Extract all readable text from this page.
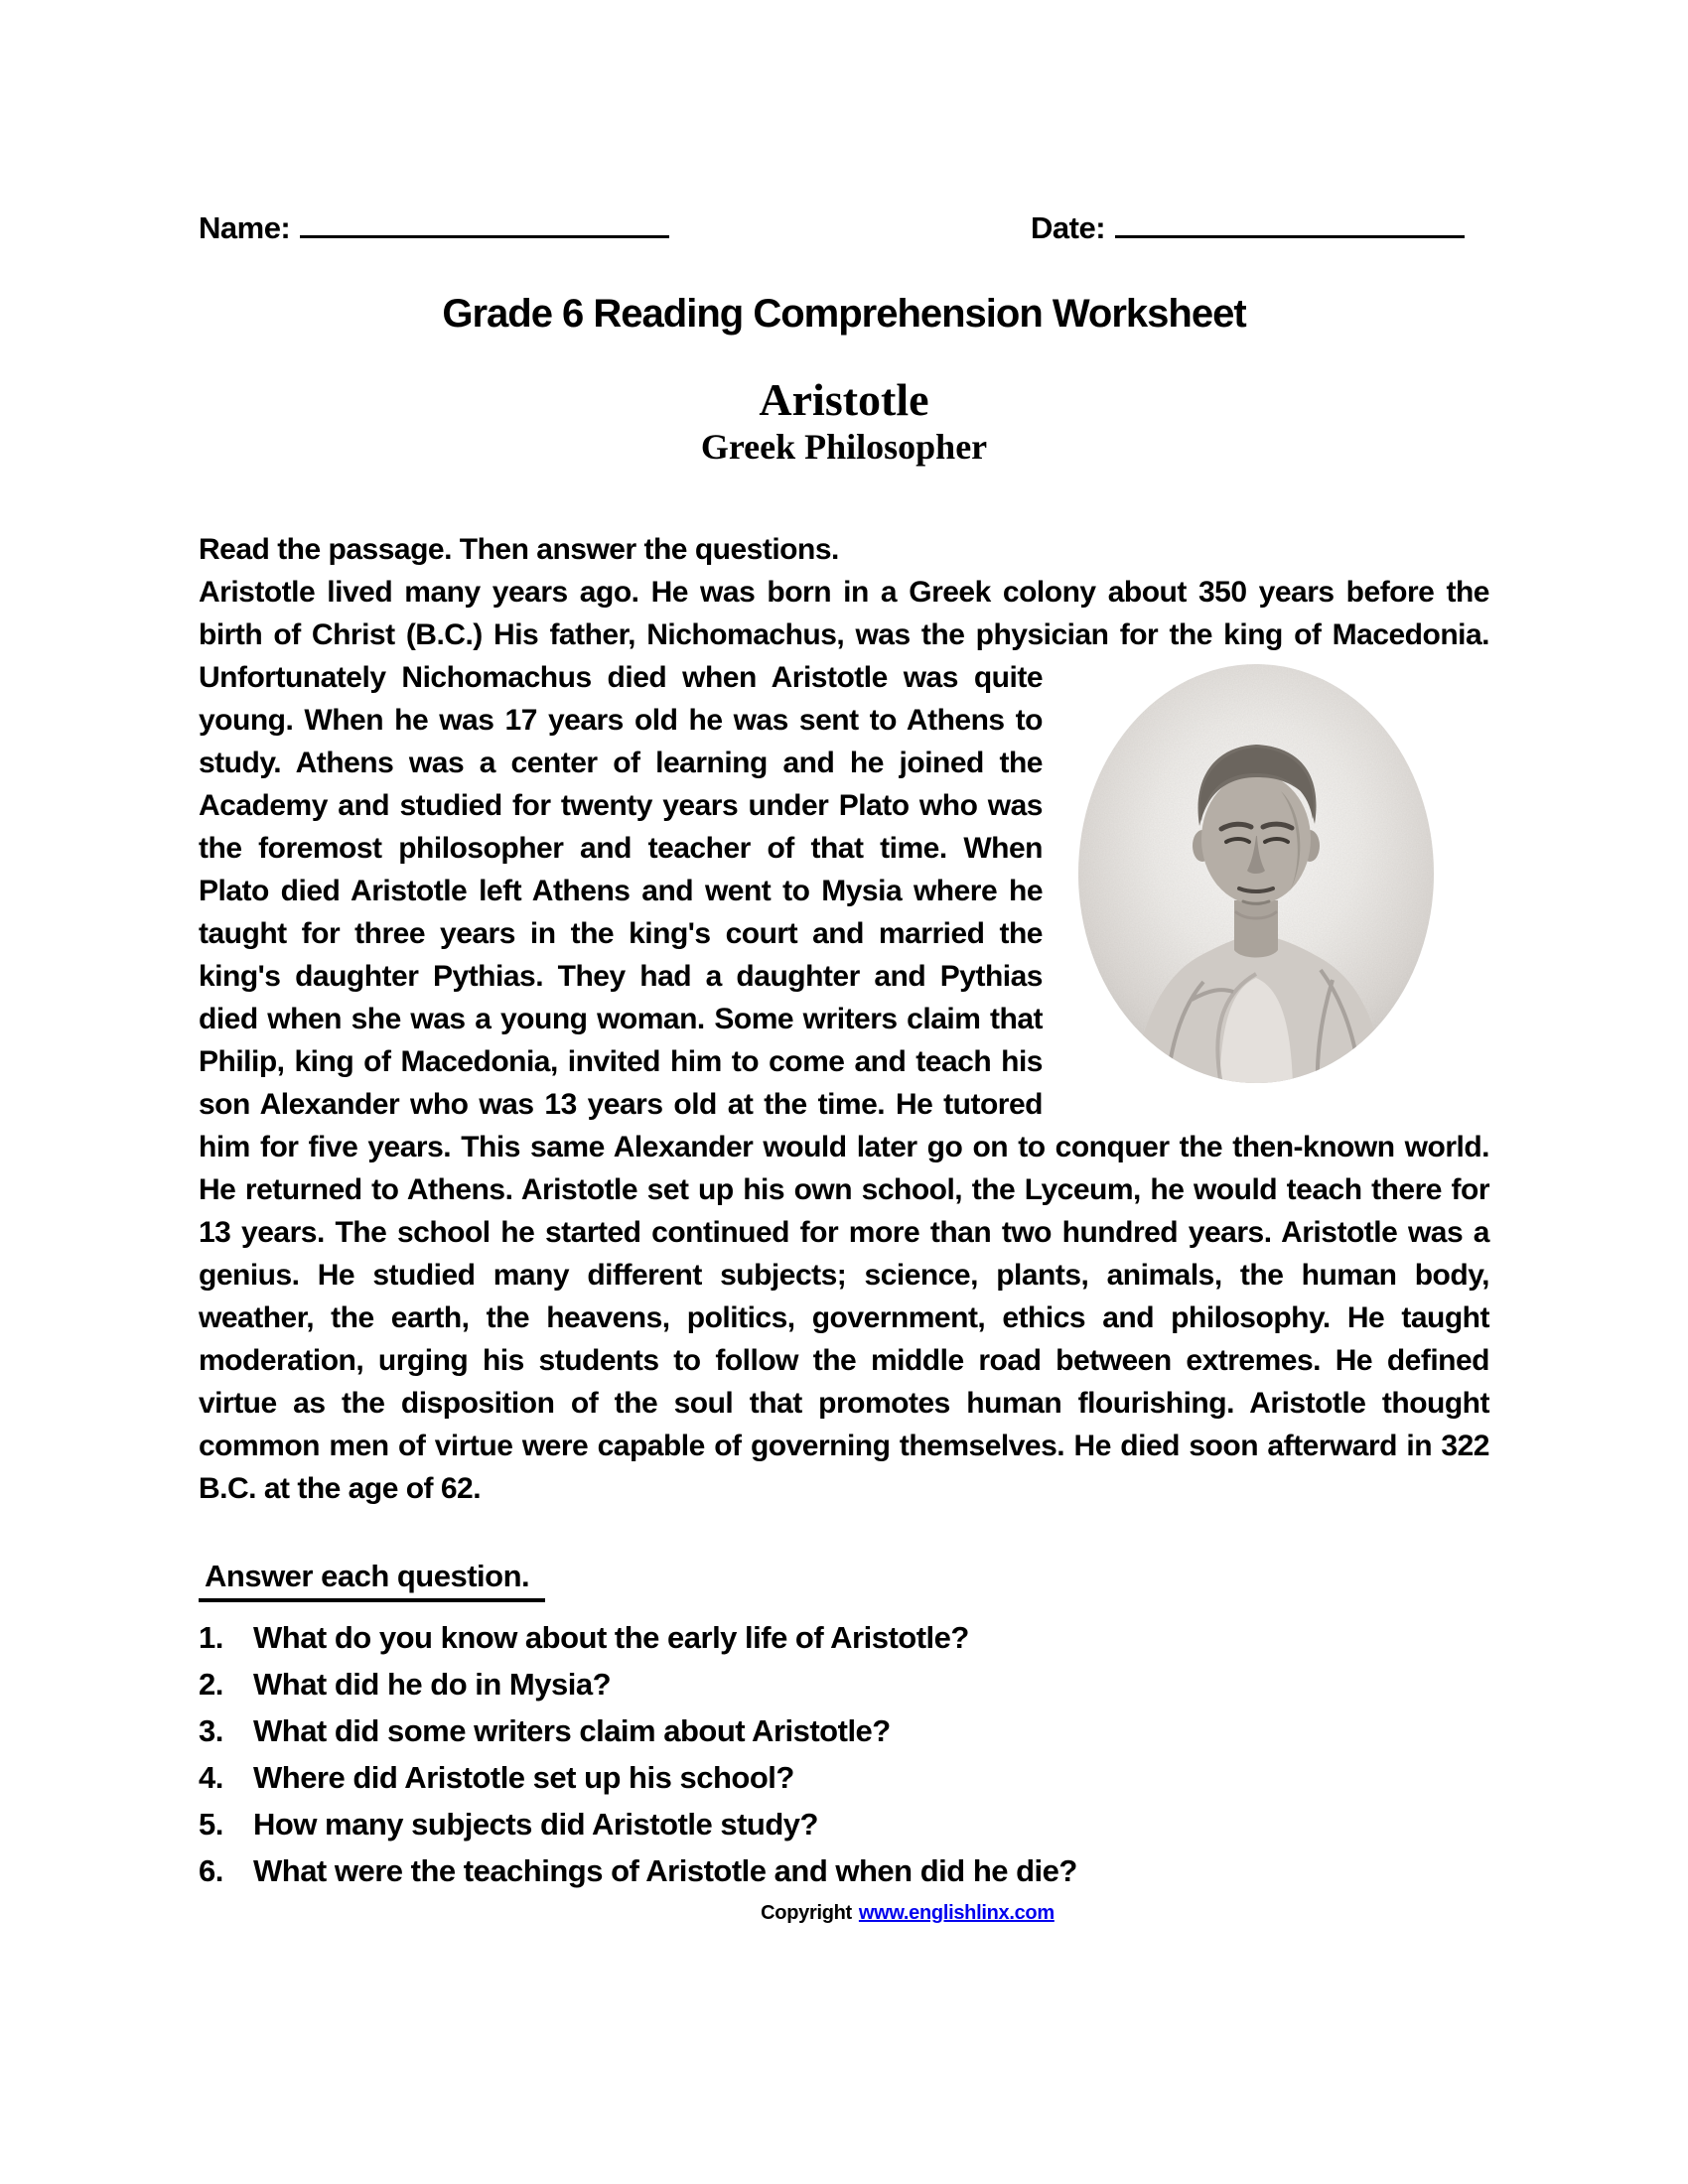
Name:	Date:
Grade 6 Reading Comprehension Worksheet
Aristotle
Greek Philosopher
Read the passage. Then answer the questions.
Aristotle lived many years ago. He was born in a Greek colony about 350 years before the birth of Christ (B.C.) His father, Nichomachus, was the physician for the king of Macedonia. Unfortunately Nichomachus died when Aristotle was quite young. When he was 17 years old he was sent to Athens to study. Athens was a center of learning and he joined the Academy and studied for twenty years under Plato who was the foremost philosopher and teacher of that time. When Plato died Aristotle left Athens and went to Mysia where he taught for three years in the king's court and married the king's daughter Pythias. They had a daughter and Pythias died when she was a young woman. Some writers claim that Philip, king of Macedonia, invited him to come and teach his son Alexander who was 13 years old at the time. He tutored him for five years. This same Alexander would later go on to conquer the then-known world. He returned to Athens. Aristotle set up his own school, the Lyceum, he would teach there for 13 years. The school he started continued for more than two hundred years. Aristotle was a genius. He studied many different subjects; science, plants, animals, the human body, weather, the earth, the heavens, politics, government, ethics and philosophy. He taught moderation, urging his students to follow the middle road between extremes. He defined virtue as the disposition of the soul that promotes human flourishing. Aristotle thought common men of virtue were capable of governing themselves. He died soon afterward in 322 B.C. at the age of 62.
Answer each question.
1. What do you know about the early life of Aristotle?
2. What did he do in Mysia?
3. What did some writers claim about Aristotle?
4. Where did Aristotle set up his school?
5. How many subjects did Aristotle study?
6. What were the teachings of Aristotle and when did he die?
Copyright www.englishlinx.com
